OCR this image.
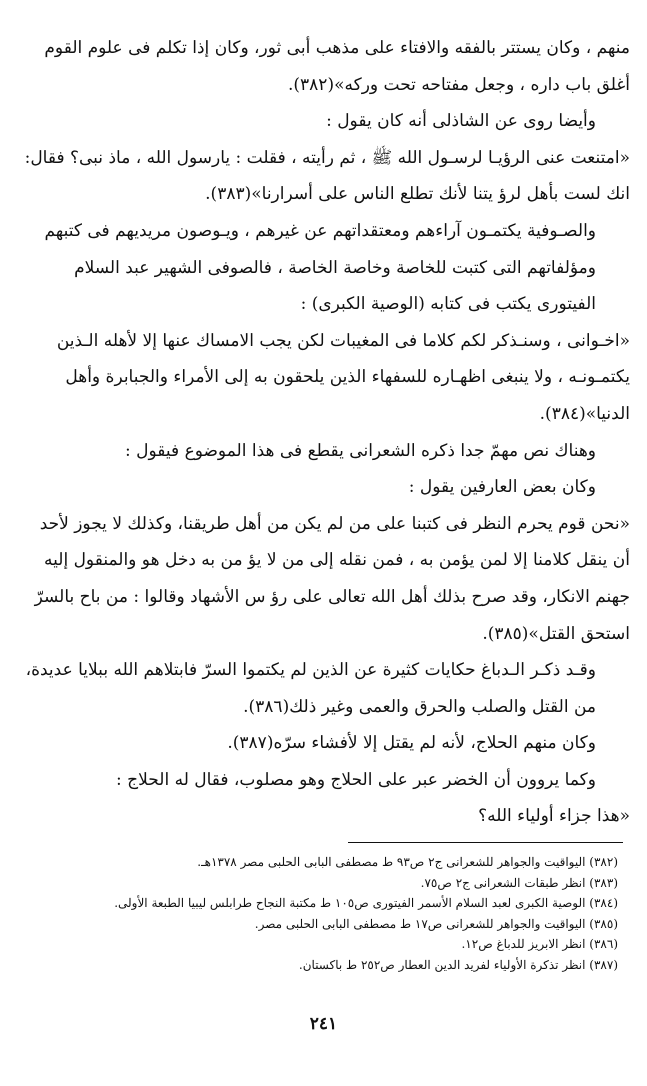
منهم ، وكان يستتر بالفقه والافتاء على مذهب أبى ثور، وكان إذا تكلم فى علوم القوم أغلق باب داره ، وجعل مفتاحه تحت وركه»(٣٨٢).

وأيضا روى عن الشاذلى أنه كان يقول :

«امتنعت عنى الرؤيـا لرسـول الله ﷺ ، ثم رأيته ، فقلت : يارسول الله ، ماذ نبى؟ فقال: انك لست بأهل لرؤ يتنا لأنك تطلع الناس على أسرارنا»(٣٨٣).

والصـوفية يكتمـون آراءهم ومعتقداتهم عن غيرهم ، ويـوصون مريديهم فى كتبهم ومؤلفاتهم التى كتبت للخاصة وخاصة الخاصة ، فالصوفى الشهير عبد السلام الفيتورى يكتب فى كتابه (الوصية الكبرى) :

«اخـوانى ، وسنـذكر لكم كلاما فى المغيبات لكن يجب الامساك عنها إلا لأهله الـذين يكتمـونـه ، ولا ينبغى اظهـاره للسفهاء الذين يلحقون به إلى الأمراء والجبابرة وأهل الدنيا»(٣٨٤).

وهناك نص مهمّ جدا ذكره الشعرانى يقطع فى هذا الموضوع فيقول :

وكان بعض العارفين يقول :

«نحن قوم يحرم النظر فى كتبنا على من لم يكن من أهل طريقنا، وكذلك لا يجوز لأحد أن ينقل كلامنا إلا لمن يؤمن به ، فمن نقله إلى من لا يؤ من به دخل هو والمنقول إليه جهنم الانكار، وقد صرح بذلك أهل الله تعالى على رؤ س الأشهاد وقالوا : من باح بالسرّ استحق القتل»(٣٨٥).

وقـد ذكـر الـدباغ حكايات كثيرة عن الذين لم يكتموا السرّ فابتلاهم الله ببلايا عديدة، من القتل والصلب والحرق والعمى وغير ذلك(٣٨٦).

وكان منهم الحلاج، لأنه لم يقتل إلا لأفشاء سرّه(٣٨٧).

وكما يروون أن الخضر عبر على الحلاج وهو مصلوب، فقال له الحلاج :

«هذا جزاء أولياء الله؟

(٣٨٢) اليواقيت والجواهر للشعرانى ج٢ ص٩٣ ط مصطفى البابى الحلبى مصر ١٣٧٨هـ.

(٣٨٣) انظر طبقات الشعرانى ج٢ ص٧٥.

(٣٨٤) الوصية الكبرى لعبد السلام الأسمر الفيتورى ص١٠٥ ط مكتبة النجاح طرابلس ليبيا الطبعة الأولى.

(٣٨٥) اليواقيت والجواهر للشعرانى ص١٧ ط مصطفى البابى الحلبى مصر.

(٣٨٦) انظر الابريز للدباغ ص١٢.

(٣٨٧) انظر تذكرة الأولياء لفريد الدين العطار ص٢٥٢ ط باكستان.

٢٤١
